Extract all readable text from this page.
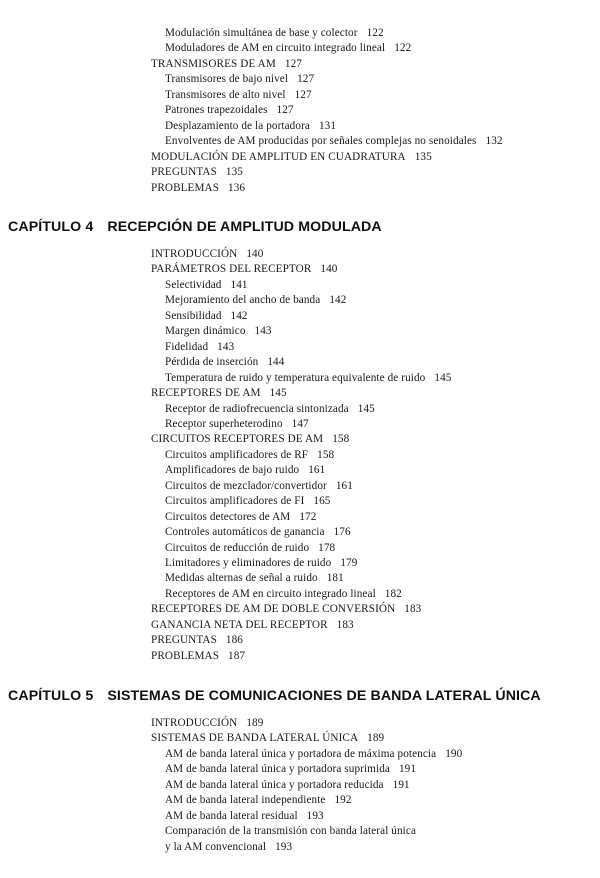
Modulación simultánea de base y colector 122
Moduladores de AM en circuito integrado lineal 122
TRANSMISORES DE AM 127
Transmisores de bajo nivel 127
Transmisores de alto nivel 127
Patrones trapezoidales 127
Desplazamiento de la portadora 131
Envolventes de AM producidas por señales complejas no senoidales 132
MODULACIÓN DE AMPLITUD EN CUADRATURA 135
PREGUNTAS 135
PROBLEMAS 136
CAPÍTULO 4 RECEPCIÓN DE AMPLITUD MODULADA
INTRODUCCIÓN 140
PARÁMETROS DEL RECEPTOR 140
Selectividad 141
Mejoramiento del ancho de banda 142
Sensibilidad 142
Margen dinámico 143
Fidelidad 143
Pérdida de inserción 144
Temperatura de ruido y temperatura equivalente de ruido 145
RECEPTORES DE AM 145
Receptor de radiofrecuencia sintonizada 145
Receptor superheterodino 147
CIRCUITOS RECEPTORES DE AM 158
Circuitos amplificadores de RF 158
Amplificadores de bajo ruido 161
Circuitos de mezclador/convertidor 161
Circuitos amplificadores de FI 165
Circuitos detectores de AM 172
Controles automáticos de ganancia 176
Circuitos de reducción de ruido 178
Limitadores y eliminadores de ruido 179
Medidas alternas de señal a ruido 181
Receptores de AM en circuito integrado lineal 182
RECEPTORES DE AM DE DOBLE CONVERSIÓN 183
GANANCIA NETA DEL RECEPTOR 183
PREGUNTAS 186
PROBLEMAS 187
CAPÍTULO 5 SISTEMAS DE COMUNICACIONES DE BANDA LATERAL ÚNICA
INTRODUCCIÓN 189
SISTEMAS DE BANDA LATERAL ÚNICA 189
AM de banda lateral única y portadora de máxima potencia 190
AM de banda lateral única y portadora suprimida 191
AM de banda lateral única y portadora reducida 191
AM de banda lateral independiente 192
AM de banda lateral residual 193
Comparación de la transmisión con banda lateral única
y la AM convencional 193
